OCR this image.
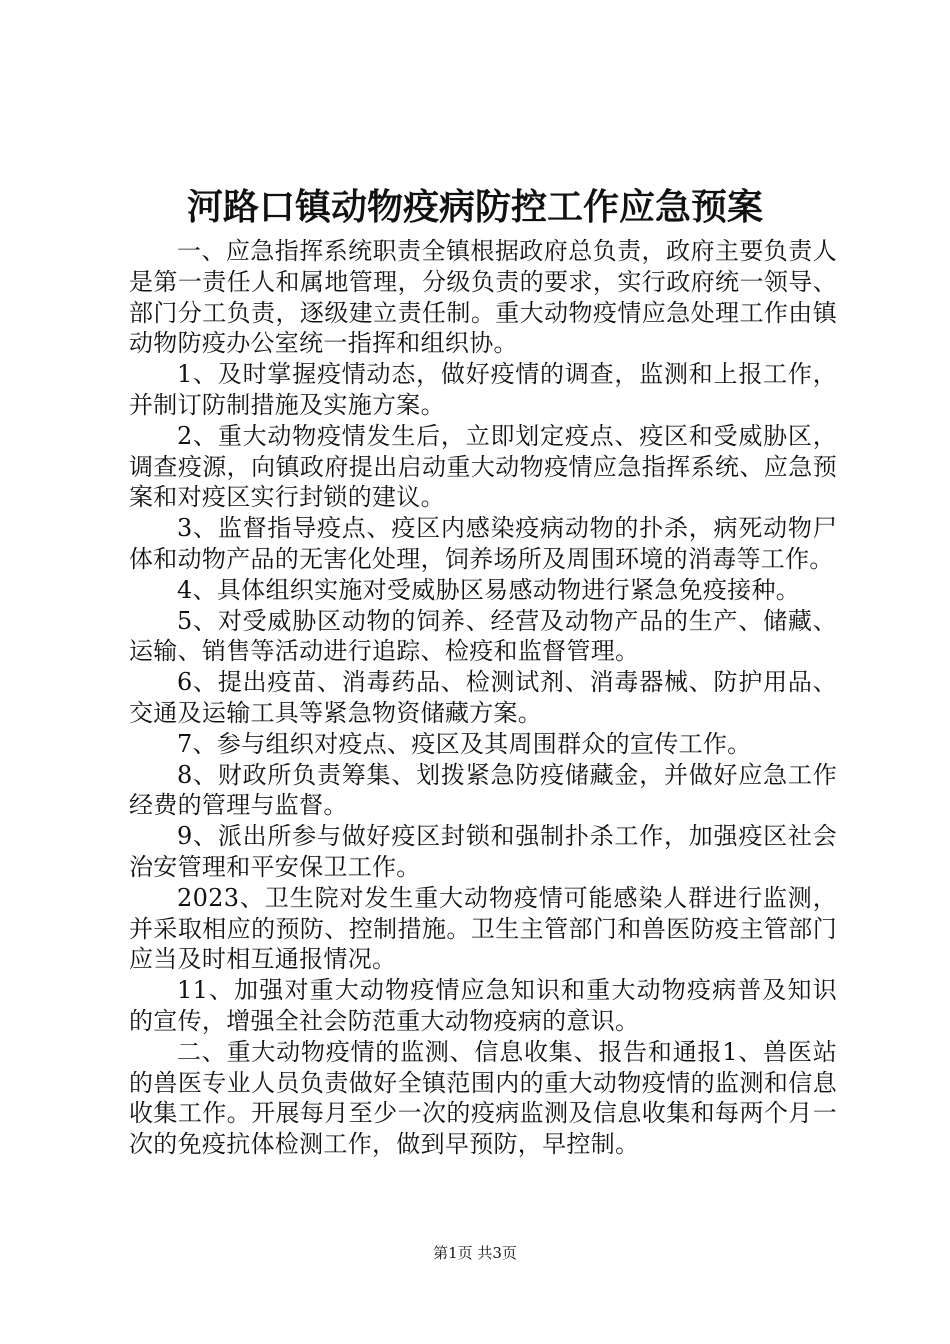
河路口镇动物疫病防控工作应急预案

一、应急指挥系统职责全镇根据政府总负责，政府主要负责人是第一责任人和属地管理，分级负责的要求，实行政府统一领导、部门分工负责，逐级建立责任制。重大动物疫情应急处理工作由镇动物防疫办公室统一指挥和组织协。

1、及时掌握疫情动态，做好疫情的调查，监测和上报工作，并制订防制措施及实施方案。

2、重大动物疫情发生后，立即划定疫点、疫区和受威胁区，调查疫源，向镇政府提出启动重大动物疫情应急指挥系统、应急预案和对疫区实行封锁的建议。

3、监督指导疫点、疫区内感染疫病动物的扑杀，病死动物尸体和动物产品的无害化处理，饲养场所及周围环境的消毒等工作。

4、具体组织实施对受威胁区易感动物进行紧急免疫接种。

5、对受威胁区动物的饲养、经营及动物产品的生产、储藏、运输、销售等活动进行追踪、检疫和监督管理。

6、提出疫苗、消毒药品、检测试剂、消毒器械、防护用品、交通及运输工具等紧急物资储藏方案。

7、参与组织对疫点、疫区及其周围群众的宣传工作。

8、财政所负责筹集、划拨紧急防疫储藏金，并做好应急工作经费的管理与监督。

9、派出所参与做好疫区封锁和强制扑杀工作，加强疫区社会治安管理和平安保卫工作。

2023、卫生院对发生重大动物疫情可能感染人群进行监测，并采取相应的预防、控制措施。卫生主管部门和兽医防疫主管部门应当及时相互通报情况。

11、加强对重大动物疫情应急知识和重大动物疫病普及知识的宣传，增强全社会防范重大动物疫病的意识。

二、重大动物疫情的监测、信息收集、报告和通报1、兽医站的兽医专业人员负责做好全镇范围内的重大动物疫情的监测和信息收集工作。开展每月至少一次的疫病监测及信息收集和每两个月一次的免疫抗体检测工作，做到早预防，早控制。

第1页 共3页
